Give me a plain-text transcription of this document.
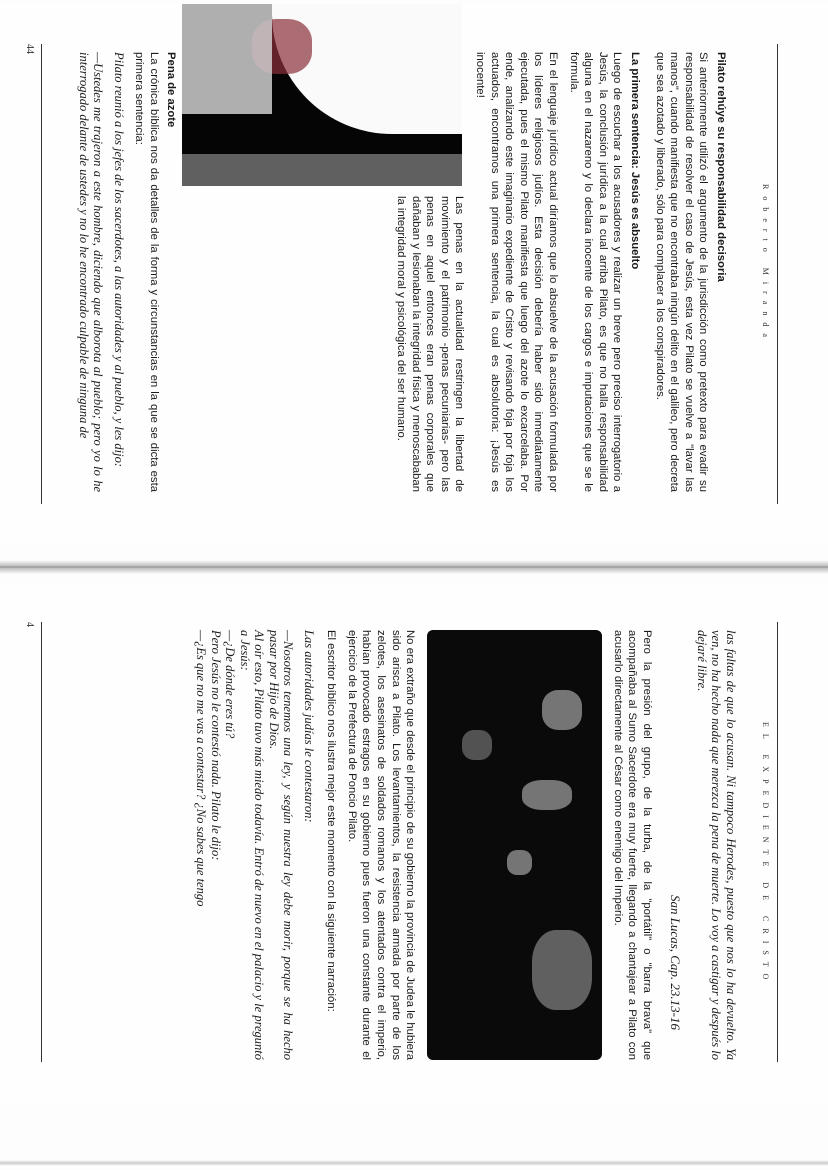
Roberto Miranda
Pilato rehúye su responsabilidad decisoria

Si anteriormente utilizó el argumento de la jurisdicción como pretexto para evadir su responsabilidad de resolver el caso de Jesús, esta vez Pilato se vuelve a "lavar las manos", cuando manifiesta que no encontraba ningún delito en el galileo, pero decreta que sea azotado y liberado, sólo para complacer a los conspiradores.

La primera sentencia: Jesús es absuelto

Luego de escuchar a los acusadores y realizar un breve pero preciso interrogatorio a Jesús, la conclusión jurídica a la cual arriba Pilato, es que no halla responsabilidad alguna en el nazareno y lo declara inocente de los cargos e imputaciones que se le formula.

En el lenguaje jurídico actual diríamos que lo absuelve de la acusación formulada por los líderes religiosos judíos. Esta decisión debería haber sido inmediatamente ejecutada, pues el mismo Pilato manifiesta que luego del azote lo excarcelaba. Por ende, analizando este imaginario expediente de Cristo y revisando foja por foja los actuados, encontramos una primera sentencia, la cual es absolutoria: ¡Jesús es inocente!

Las penas en la actualidad restringen la libertad de movimiento y el patrimonio -penas pecuniarias- pero las penas en aquel entonces eran penas corporales que dañaban y lesionaban la integridad física y menoscababan la integridad moral y psicológica del ser humano.

Pena de azote

La crónica bíblica nos da detalles de la forma y circunstancias en la que se dicta esta primera sentencia:

Pilato reunió a los jefes de los sacerdotes, a las autoridades y al pueblo, y les dijo:

—Ustedes me trajeron a este hombre, diciendo que alborota al pueblo; pero yo lo he interrogado delante de ustedes y no lo he encontrado culpable de ninguna de

44
EL EXPEDIENTE DE CRISTO

las faltas de que lo acusan. Ni tampoco Herodes, puesto que nos lo ha devuelto. Ya ven, no ha hecho nada que merezca la pena de muerte. Lo voy a castigar y después lo dejaré libre.

San Lucas, Cap. 23.13-16

Pero la presión del grupo, de la turba, de la "portátil" o "barra brava" que acompañaba al Sumo Sacerdote era muy fuerte, llegando a chantajear a Pilato con acusarlo directamente al César como enemigo del Imperio.

No era extraño que desde el principio de su gobierno la provincia de Judea le hubiera sido arisca a Pilato. Los levantamientos, la resistencia armada por parte de los zelotes, los asesinatos de soldados romanos y los atentados contra el imperio, habían provocado estragos en su gobierno pues fueron una constante durante el ejercicio de la Prefectura de Poncio Pilato.

El escritor bíblico nos ilustra mejor este momento con la siguiente narración:

Las autoridades judías le contestaron:

—Nosotros tenemos una ley, y según nuestra ley debe morir, porque se ha hecho pasar por Hijo de Dios.

Al oír esto, Pilato tuvo más miedo todavía. Entró de nuevo en el palacio y le preguntó a Jesús:

—¿De dónde eres tú?

Pero Jesús no le contestó nada. Pilato le dijo:

—¿Es que no me vas a contestar? ¿No sabes que tengo

4
